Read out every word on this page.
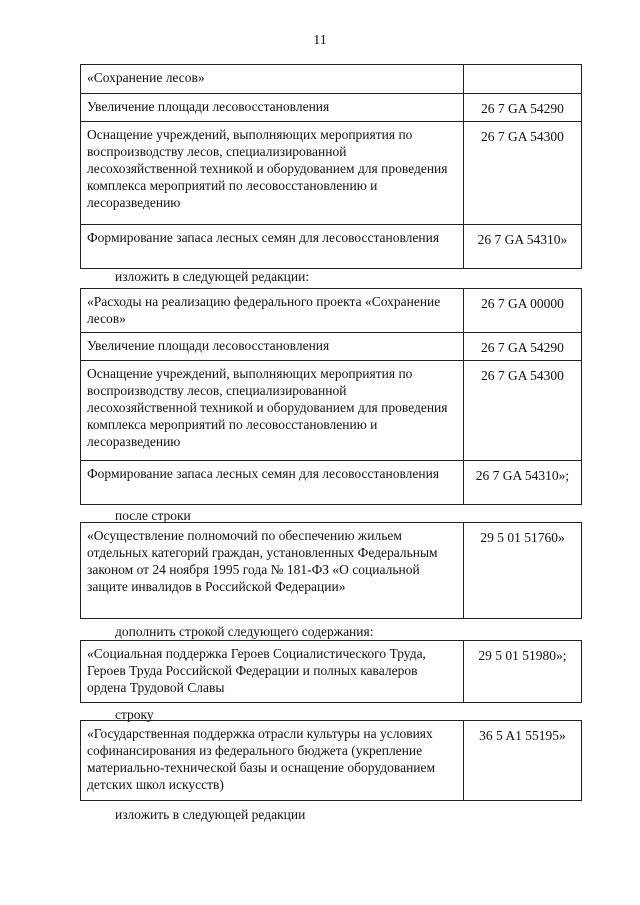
11
«Сохранение лесов»	
Увеличение площади лесовосстановления	26 7 GA 54290
Оснащение учреждений, выполняющих мероприятия по воспроизводству лесов, специализированной лесохозяйственной техникой и оборудованием для проведения комплекса мероприятий по лесовосстановлению и лесоразведению	26 7 GA 54300
Формирование запаса лесных семян для лесовосстановления	26 7 GA 54310»
изложить в следующей редакции:
«Расходы на реализацию федерального проекта «Сохранение лесов»	26 7 GA 00000
Увеличение площади лесовосстановления	26 7 GA 54290
Оснащение учреждений, выполняющих мероприятия по воспроизводству лесов, специализированной лесохозяйственной техникой и оборудованием для проведения комплекса мероприятий по лесовосстановлению и лесоразведению	26 7 GA 54300
Формирование запаса лесных семян для лесовосстановления	26 7 GA 54310»;
после строки
«Осуществление полномочий по обеспечению жильем отдельных категорий граждан, установленных Федеральным законом от 24 ноября 1995 года № 181-ФЗ «О социальной защите инвалидов в Российской Федерации»	29 5 01 51760»
дополнить строкой следующего содержания:
«Социальная поддержка Героев Социалистического Труда, Героев Труда Российской Федерации и полных кавалеров ордена Трудовой Славы	29 5 01 51980»;
строку
«Государственная поддержка отрасли культуры на условиях софинансирования из федерального бюджета (укрепление материально-технической базы и оснащение оборудованием детских школ искусств)	36 5 A1 55195»
изложить в следующей редакции
